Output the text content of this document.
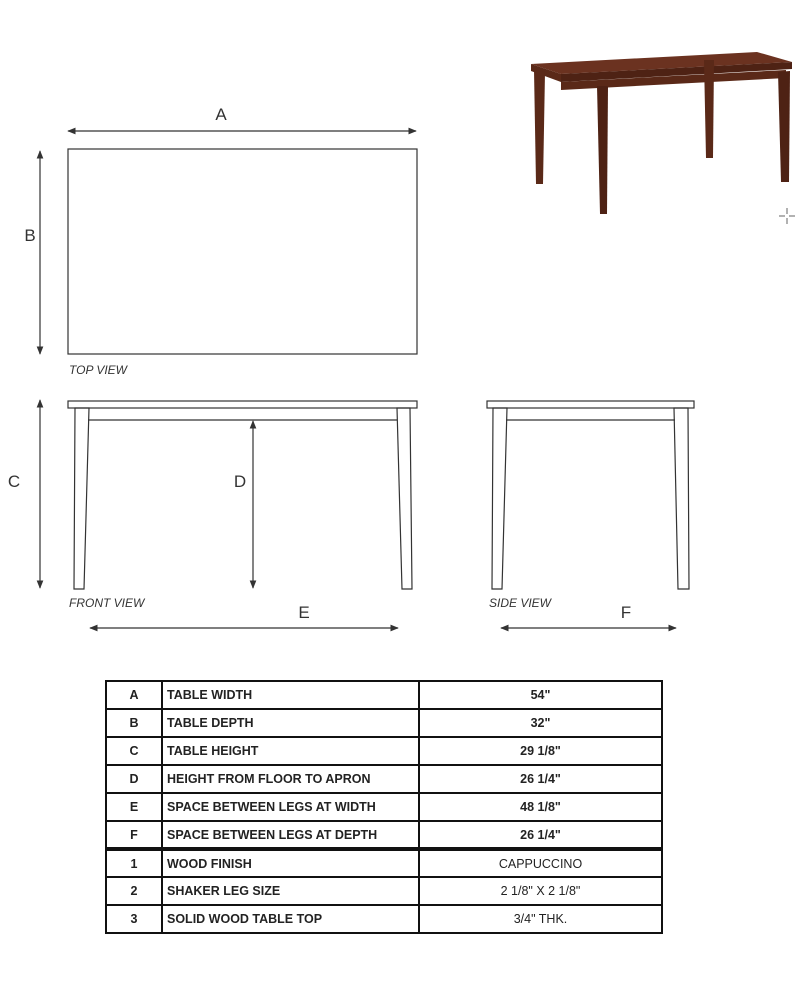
A
B
TOP VIEW
C	D
E
FRONT VIEW	F
SIDE VIEW
A	TABLE WIDTH	54"
B	TABLE DEPTH	32"
C	TABLE HEIGHT	29 1/8"
D	HEIGHT FROM FLOOR TO APRON	26 1/4"
E	SPACE BETWEEN LEGS AT WIDTH	48 1/8"
F	SPACE BETWEEN LEGS AT DEPTH	26 1/4"
1	WOOD FINISH	CAPPUCCINO
2	SHAKER LEG SIZE	2 1/8" X 2 1/8"
3	SOLID WOOD TABLE TOP	3/4" THK.
